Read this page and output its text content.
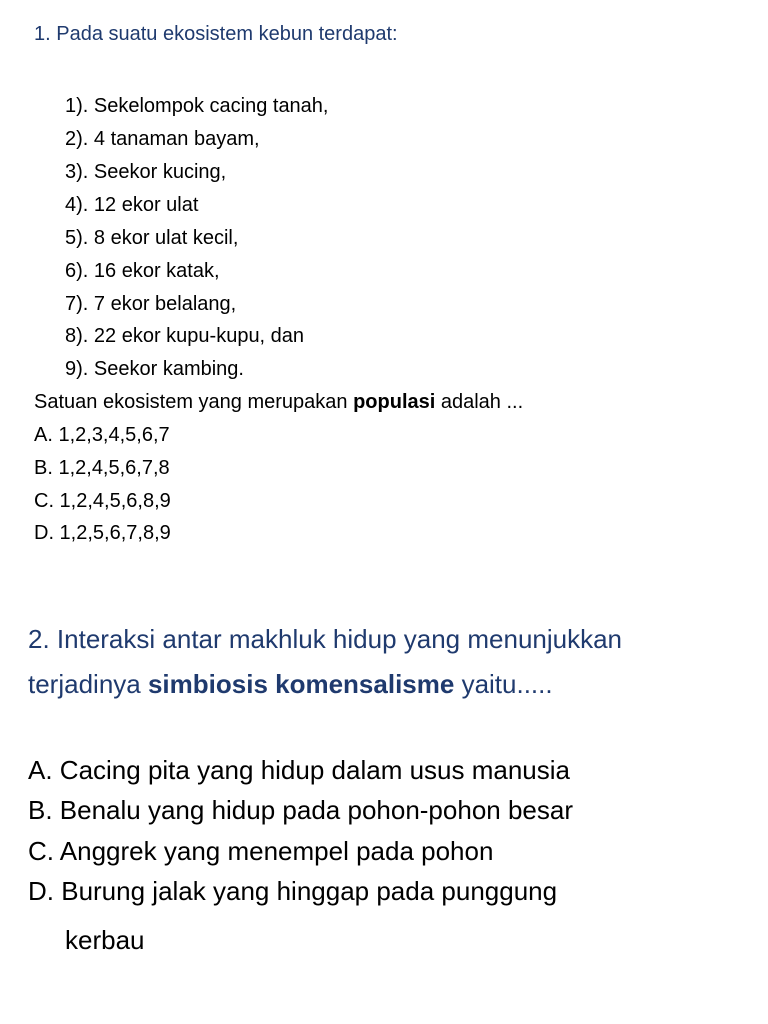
1. Pada suatu ekosistem kebun terdapat:
1). Sekelompok cacing tanah,
2). 4 tanaman bayam,
3). Seekor kucing,
4). 12 ekor ulat
5). 8 ekor ulat kecil,
6). 16 ekor katak,
7). 7 ekor belalang,
8). 22 ekor kupu-kupu, dan
9). Seekor kambing.
Satuan ekosistem yang merupakan populasi adalah ...
A. 1,2,3,4,5,6,7
B. 1,2,4,5,6,7,8
C. 1,2,4,5,6,8,9
D. 1,2,5,6,7,8,9
2. Interaksi antar makhluk hidup yang menunjukkan
terjadinya simbiosis komensalisme yaitu.....
A. Cacing pita yang hidup dalam usus manusia
B. Benalu yang hidup pada pohon-pohon besar
C. Anggrek yang menempel pada pohon
D. Burung jalak yang hinggap pada punggung
kerbau
